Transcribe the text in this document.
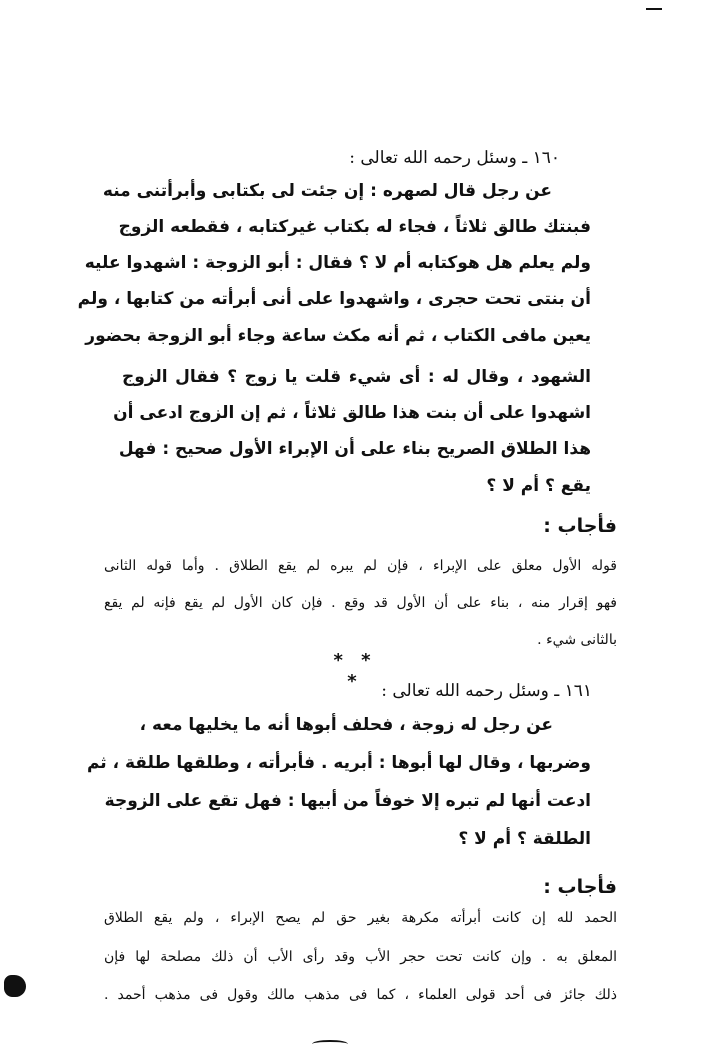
١٦٠ ـ وسئل رحمه الله تعالى :
عن رجل قال لصهره : إن جئت لى بكتابى وأبرأتنى منه
فبنتك طالق ثلاثاً ، فجاء له بكتاب غيركتابه ، فقطعه الزوج
ولم يعلم هل هوكتابه أم لا ؟ فقال : أبو الزوجة : اشهدوا عليه
أن بنتى تحت حجرى ، واشهدوا على أنى أبرأته من كتابها ، ولم
يعين مافى الكتاب ، ثم أنه مكث ساعة وجاء أبو الزوجة بحضور
الشهود ، وقال له : أى شيء قلت يا زوج ؟ فقال الزوج
اشهدوا على أن بنت هذا طالق ثلاثاً ، ثم إن الزوج ادعى أن
هذا الطلاق الصريح بناء على أن الإبراء الأول صحيح : فهل
يقع ؟ أم لا ؟
فأجاب :
قوله الأول معلق على الإبراء ، فإن لم يبره لم يقع الطلاق . وأما قوله الثانى
فهو إقرار منه ، بناء على أن الأول قد وقع . فإن كان الأول لم يقع فإنه لم يقع
بالثانى شيء .
* * *	١٦١ ـ وسئل رحمه الله تعالى :
عن رجل له زوجة ، فحلف أبوها أنه ما يخليها معه ،
وضربها ، وقال لها أبوها : أبريه . فأبرأته ، وطلقها طلقة ، ثم
ادعت أنها لم تبره إلا خوفاً من أبيها : فهل تقع على الزوجة
الطلقة ؟ أم لا ؟
فأجاب :
الحمد لله إن كانت أبرأته مكرهة بغير حق لم يصح الإبراء ، ولم يقع الطلاق
المعلق به . وإن كانت تحت حجر الأب وقد رأى الأب أن ذلك مصلحة لها فإن
ذلك جائز فى أحد قولى العلماء ، كما فى مذهب مالك وقول فى مذهب أحمد .
